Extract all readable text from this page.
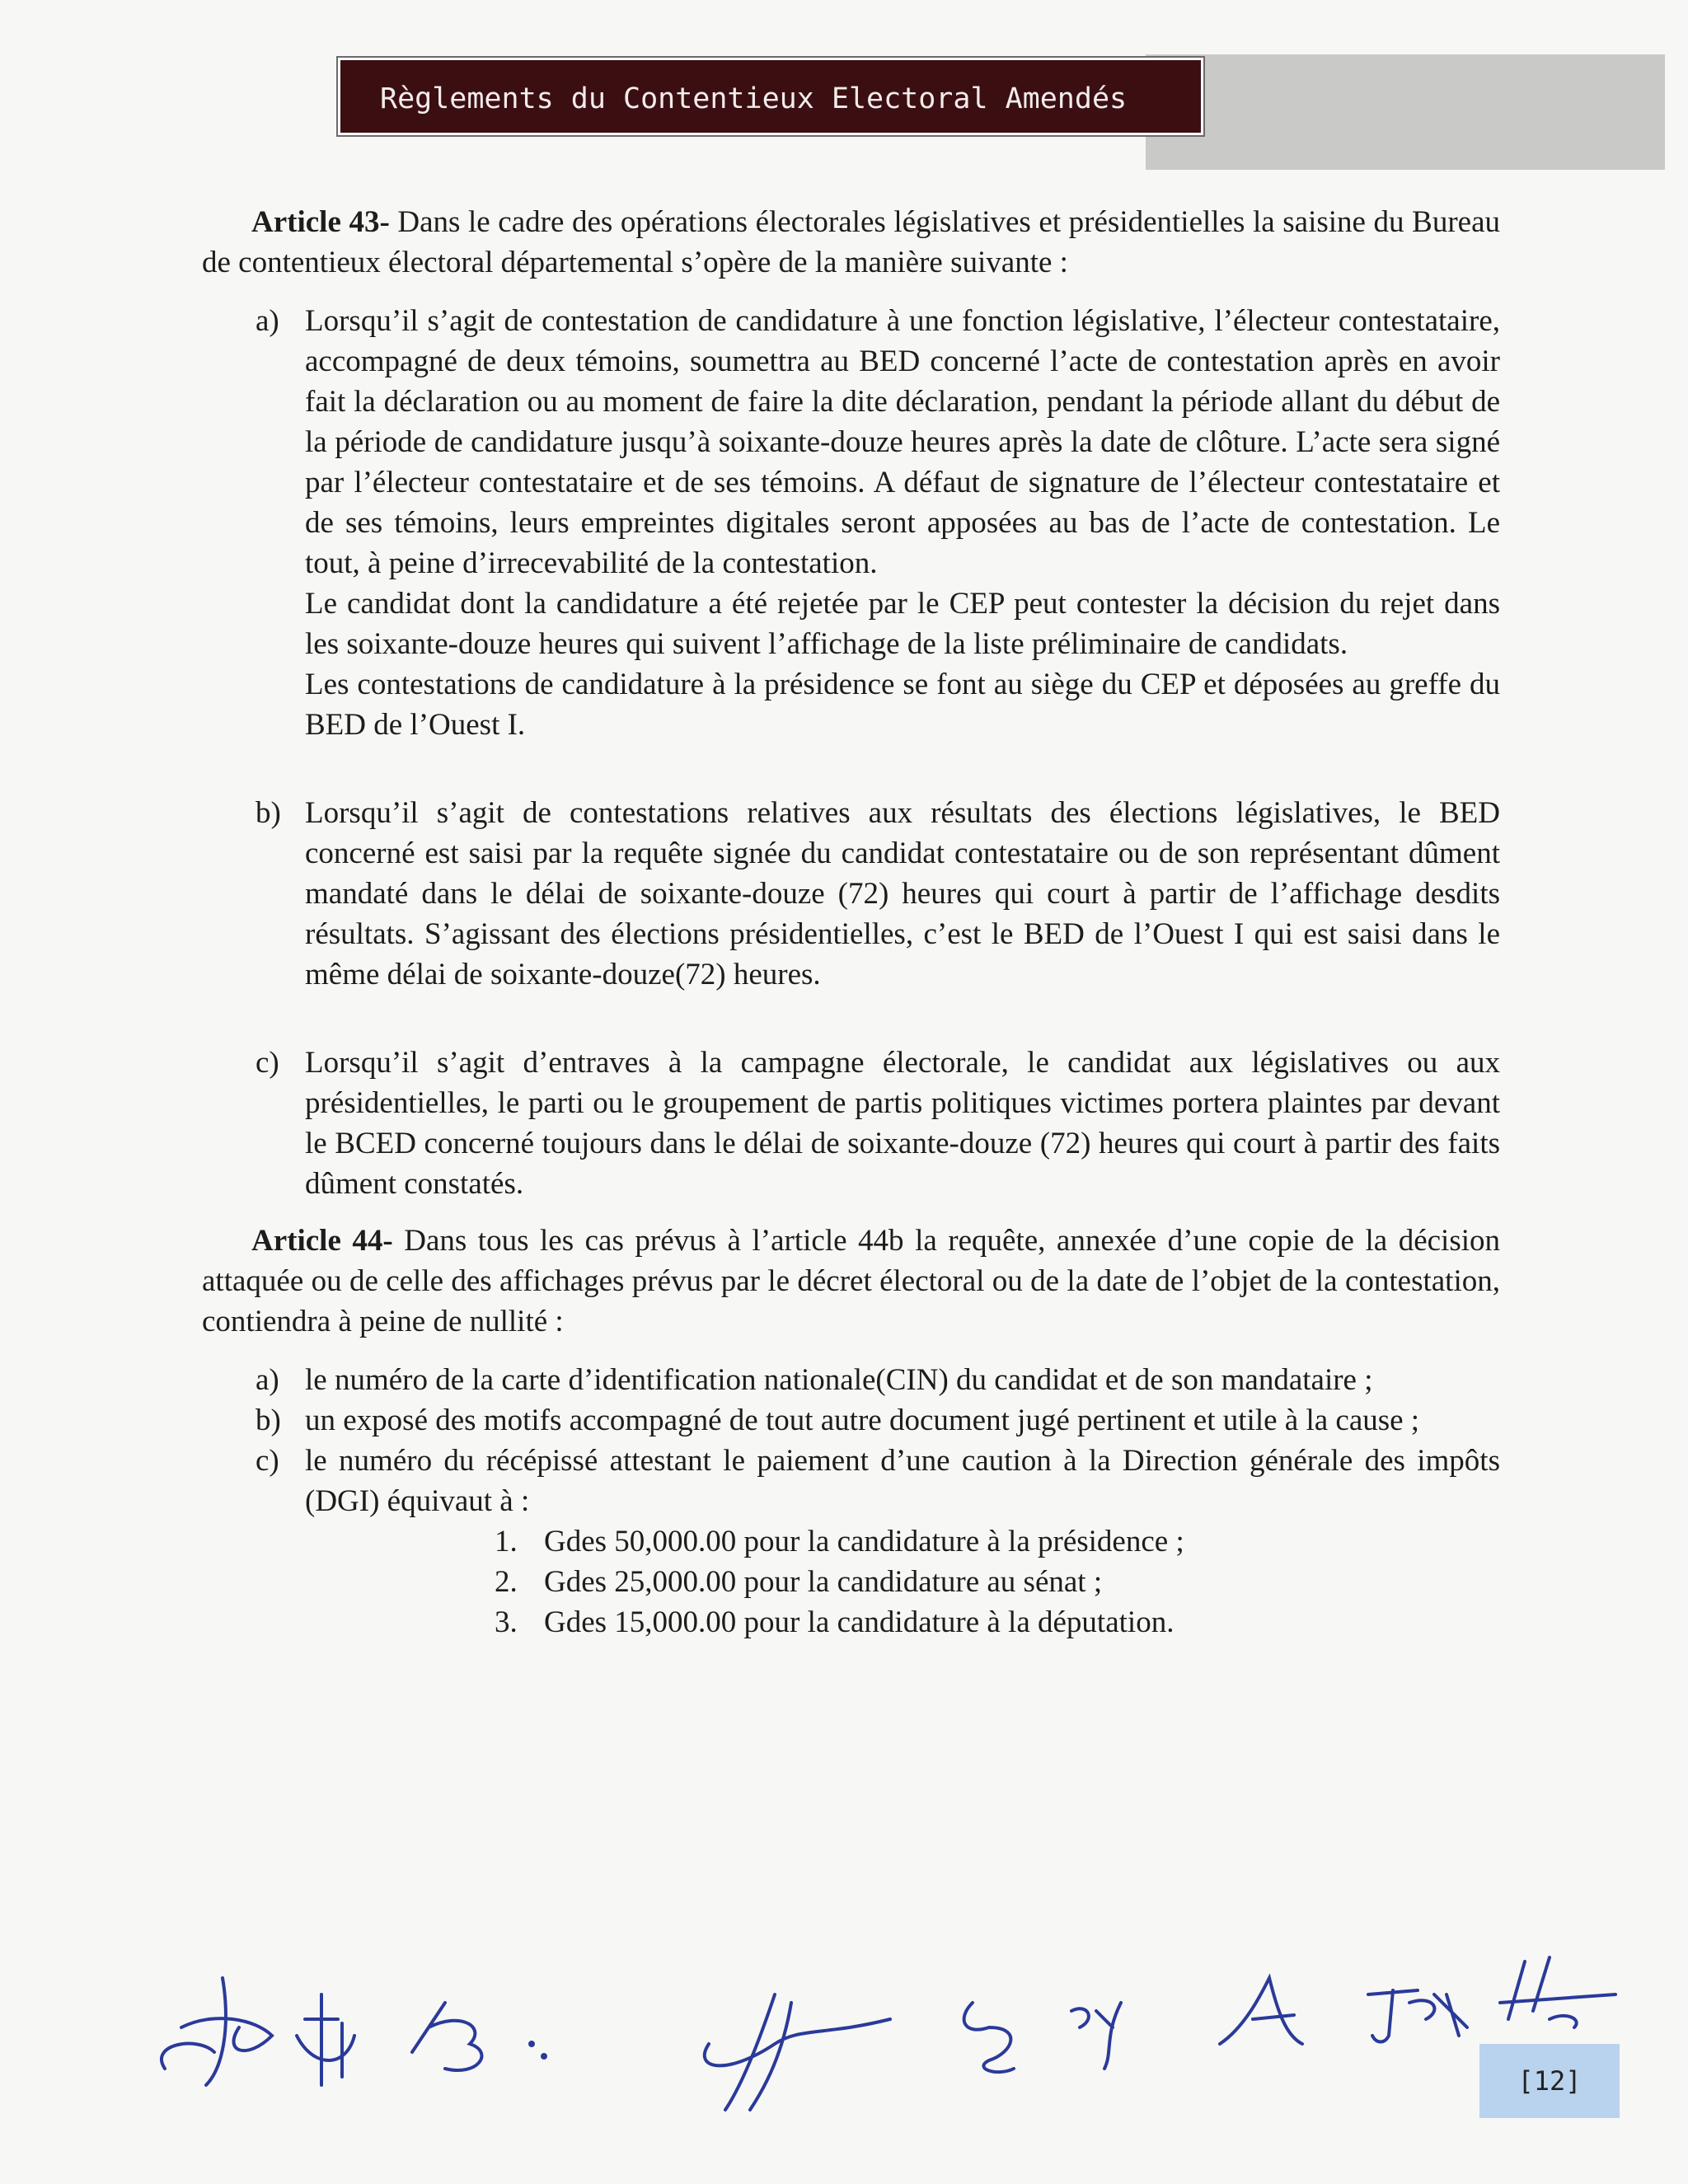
Règlements du Contentieux Electoral Amendés

Article 43- Dans le cadre des opérations électorales législatives et présidentielles la saisine du Bureau de contentieux électoral départemental s’opère de la manière suivante :

a) Lorsqu’il s’agit de contestation de candidature à une fonction législative, l’électeur contestataire, accompagné de deux témoins, soumettra au BED concerné l’acte de contestation après en avoir fait la déclaration ou au moment de faire la dite déclaration, pendant la période allant du début de la période de candidature jusqu’à soixante-douze heures après la date de clôture. L’acte sera signé par l’électeur contestataire et de ses témoins. A défaut de signature de l’électeur contestataire et de ses témoins, leurs empreintes digitales seront apposées au bas de l’acte de contestation. Le tout, à peine d’irrecevabilité de la contestation.

Le candidat dont la candidature a été rejetée par le CEP peut contester la décision du rejet dans les soixante-douze heures qui suivent l’affichage de la liste préliminaire de candidats.

Les contestations de candidature à la présidence se font au siège du CEP et déposées au greffe du BED de l’Ouest I.

b) Lorsqu’il s’agit de contestations relatives aux résultats des élections législatives, le BED concerné est saisi par la requête signée du candidat contestataire ou de son représentant dûment mandaté dans le délai de soixante-douze (72) heures qui court à partir de l’affichage desdits résultats. S’agissant des élections présidentielles, c’est le BED de l’Ouest I qui est saisi dans le même délai de soixante-douze(72) heures.

c) Lorsqu’il s’agit d’entraves à la campagne électorale, le candidat aux législatives ou aux présidentielles, le parti ou le groupement de partis politiques victimes portera plaintes par devant le BCED concerné toujours dans le délai de soixante-douze (72) heures qui court à partir des faits dûment constatés.

Article 44- Dans tous les cas prévus à l’article 44b la requête, annexée d’une copie de la décision attaquée ou de celle des affichages prévus par le décret électoral ou de la date de l’objet de la contestation, contiendra à peine de nullité :

a) le numéro de la carte d’identification nationale(CIN) du candidat et de son mandataire ;

b) un exposé des motifs accompagné de tout autre document jugé pertinent et utile à la cause ;

c) le numéro du récépissé attestant le paiement d’une caution à la Direction générale des impôts (DGI) équivaut à :

1. Gdes 50,000.00 pour la candidature à la présidence ;
2. Gdes 25,000.00 pour la candidature au sénat ;
3. Gdes 15,000.00 pour la candidature à la députation.
[12]
